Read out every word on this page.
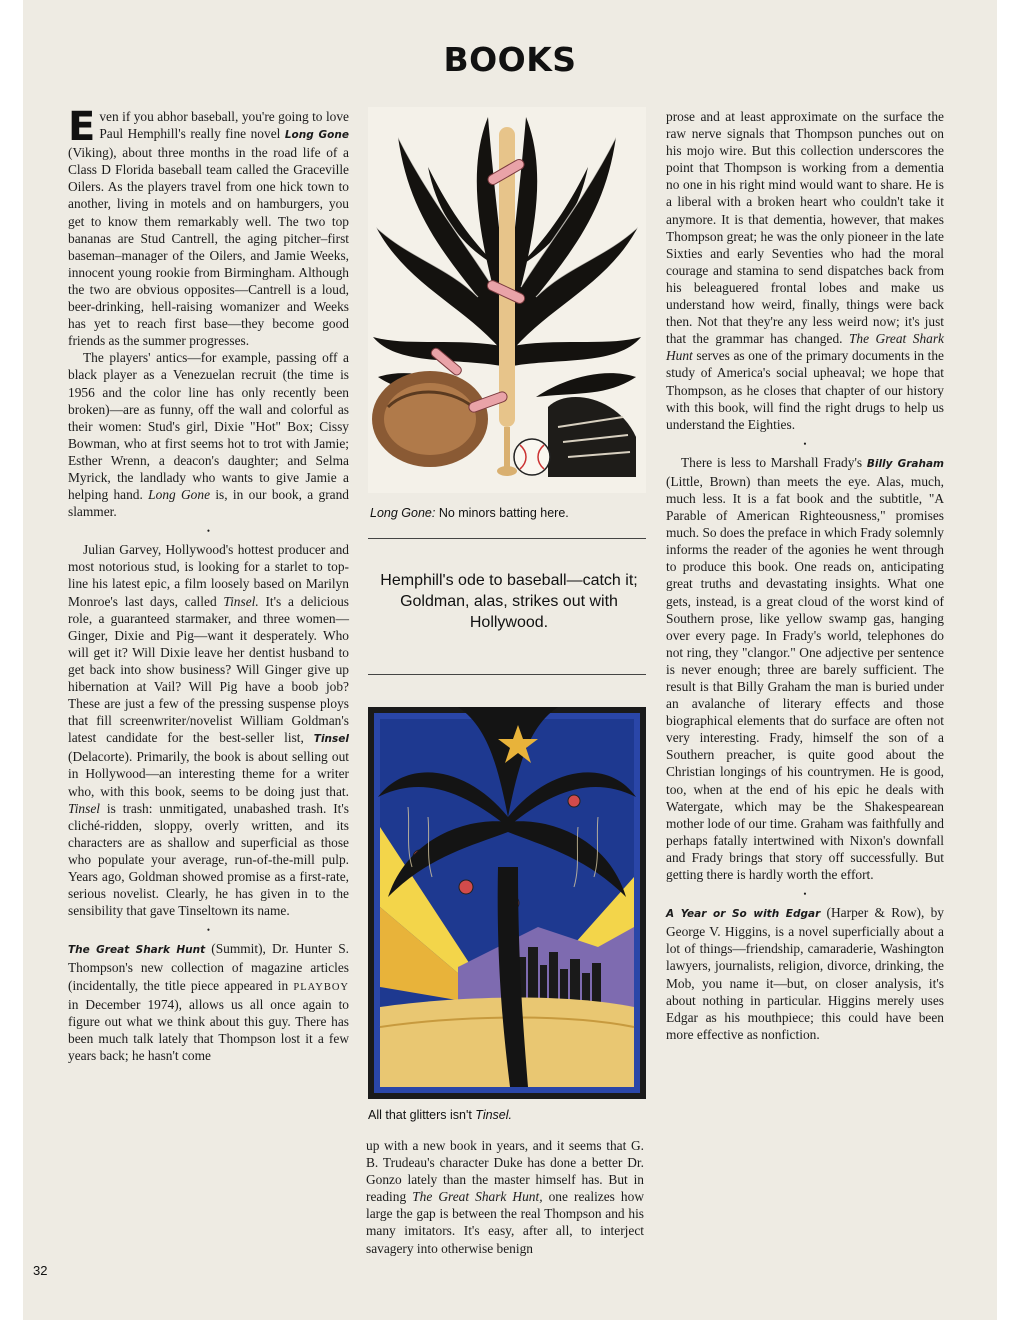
BOOKS

Even if you abhor baseball, you're going to love Paul Hemphill's really fine novel Long Gone (Viking), about three months in the road life of a Class D Florida baseball team called the Graceville Oilers. As the players travel from one hick town to another, living in motels and on hamburgers, you get to know them remarkably well. The two top bananas are Stud Cantrell, the aging pitcher–first baseman–manager of the Oilers, and Jamie Weeks, innocent young rookie from Birmingham. Although the two are obvious opposites—Cantrell is a loud, beer-drinking, hell-raising womanizer and Weeks has yet to reach first base—they become good friends as the summer progresses.

The players' antics—for example, passing off a black player as a Venezuelan recruit (the time is 1956 and the color line has only recently been broken)—are as funny, off the wall and colorful as their women: Stud's girl, Dixie "Hot" Box; Cissy Bowman, who at first seems hot to trot with Jamie; Esther Wrenn, a deacon's daughter; and Selma Myrick, the landlady who wants to give Jamie a helping hand. Long Gone is, in our book, a grand slammer.

•

Julian Garvey, Hollywood's hottest producer and most notorious stud, is looking for a starlet to top-line his latest epic, a film loosely based on Marilyn Monroe's last days, called Tinsel. It's a delicious role, a guaranteed starmaker, and three women—Ginger, Dixie and Pig—want it desperately. Who will get it? Will Dixie leave her dentist husband to get back into show business? Will Ginger give up hibernation at Vail? Will Pig have a boob job? These are just a few of the pressing suspense ploys that fill screenwriter/novelist William Goldman's latest candidate for the best-seller list, Tinsel (Delacorte). Primarily, the book is about selling out in Hollywood—an interesting theme for a writer who, with this book, seems to be doing just that. Tinsel is trash: unmitigated, unabashed trash. It's cliché-ridden, sloppy, overly written, and its characters are as shallow and superficial as those who populate your average, run-of-the-mill pulp. Years ago, Goldman showed promise as a first-rate, serious novelist. Clearly, he has given in to the sensibility that gave Tinseltown its name.

•

The Great Shark Hunt (Summit), Dr. Hunter S. Thompson's new collection of magazine articles (incidentally, the title piece appeared in PLAYBOY in December 1974), allows us all once again to figure out what we think about this guy. There has been much talk lately that Thompson lost it a few years back; he hasn't come

Long Gone: No minors batting here.
Hemphill's ode to baseball—catch it; Goldman, alas, strikes out with Hollywood.
All that glitters isn't Tinsel.

up with a new book in years, and it seems that G. B. Trudeau's character Duke has done a better Dr. Gonzo lately than the master himself has. But in reading The Great Shark Hunt, one realizes how large the gap is between the real Thompson and his many imitators. It's easy, after all, to interject savagery into otherwise benign

prose and at least approximate on the surface the raw nerve signals that Thompson punches out on his mojo wire. But this collection underscores the point that Thompson is working from a dementia no one in his right mind would want to share. He is a liberal with a broken heart who couldn't take it anymore. It is that dementia, however, that makes Thompson great; he was the only pioneer in the late Sixties and early Seventies who had the moral courage and stamina to send dispatches back from his beleaguered frontal lobes and make us understand how weird, finally, things were back then. Not that they're any less weird now; it's just that the grammar has changed. The Great Shark Hunt serves as one of the primary documents in the study of America's social upheaval; we hope that Thompson, as he closes that chapter of our history with this book, will find the right drugs to help us understand the Eighties.

•

There is less to Marshall Frady's Billy Graham (Little, Brown) than meets the eye. Alas, much, much less. It is a fat book and the subtitle, "A Parable of American Righteousness," promises much. So does the preface in which Frady solemnly informs the reader of the agonies he went through to produce this book. One reads on, anticipating great truths and devastating insights. What one gets, instead, is a great cloud of the worst kind of Southern prose, like yellow swamp gas, hanging over every page. In Frady's world, telephones do not ring, they "clangor." One adjective per sentence is never enough; three are barely sufficient. The result is that Billy Graham the man is buried under an avalanche of literary effects and those biographical elements that do surface are often not very interesting. Frady, himself the son of a Southern preacher, is quite good about the Christian longings of his countrymen. He is good, too, when at the end of his epic he deals with Watergate, which may be the Shakespearean mother lode of our time. Graham was faithfully and perhaps fatally intertwined with Nixon's downfall and Frady brings that story off successfully. But getting there is hardly worth the effort.

•

A Year or So with Edgar (Harper & Row), by George V. Higgins, is a novel superficially about a lot of things—friendship, camaraderie, Washington lawyers, journalists, religion, divorce, drinking, the Mob, you name it—but, on closer analysis, it's about nothing in particular. Higgins merely uses Edgar as his mouthpiece; this could have been more effective as nonfiction.

32
